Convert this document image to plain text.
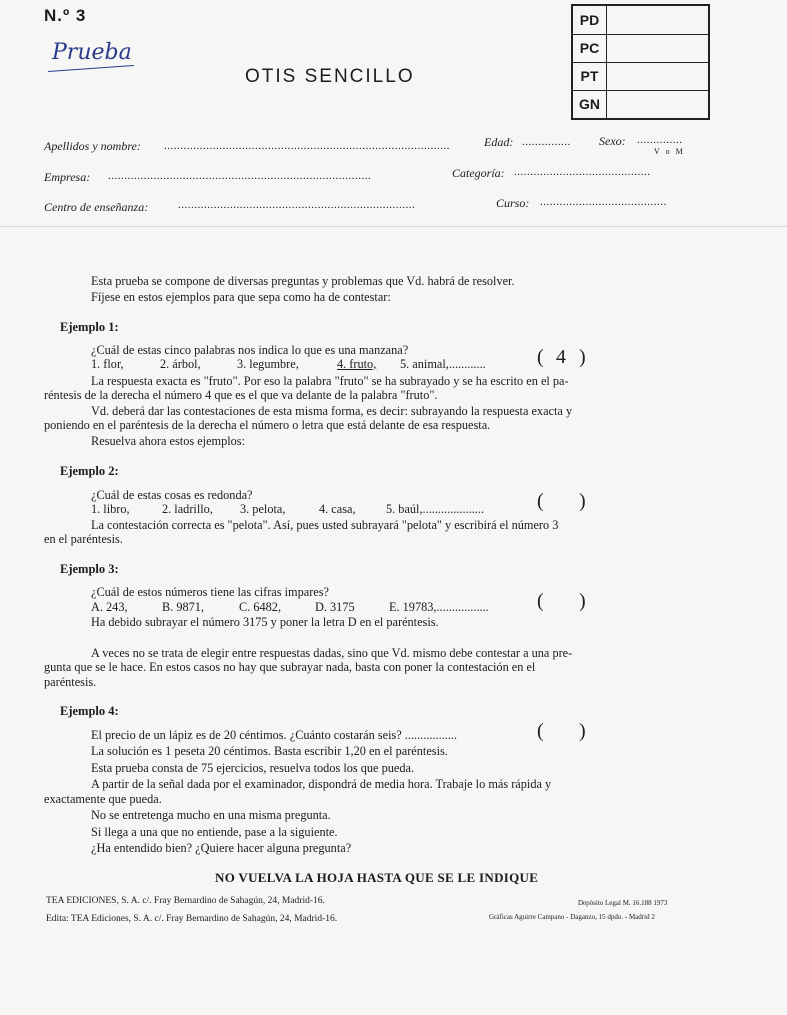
N.º 3
Prueba
OTIS SENCILLO
PD
PC
PT
GN
Apellidos y nombre: ........................................................................................	Edad: ............... Sexo: ..............
V o M
Empresa: .................................................................................	Categoría: ..........................................
Centro de enseñanza:	.........................................................................	Curso: .......................................
Esta prueba se compone de diversas preguntas y problemas que Vd. habrá de resolver.
Fíjese en estos ejemplos para que sepa como ha de contestar:
Ejemplo 1:
¿Cuál de estas cinco palabras nos indica lo que es una manzana?
1. flor,	2. árbol,	3. legumbre,	4. fruto, 5. animal,............	( 4 )
La respuesta exacta es "fruto". Por eso la palabra "fruto" se ha subrayado y se ha escrito en el pa-
réntesis de la derecha el número 4 que es el que va delante de la palabra "fruto".
Vd. deberá dar las contestaciones de esta misma forma, es decir: subrayando la respuesta exacta y
poniendo en el paréntesis de la derecha el número o letra que está delante de esa respuesta.
Resuelva ahora estos ejemplos:
Ejemplo 2:
¿Cuál de estas cosas es redonda?
1. libro,	2. ladrillo, 3. pelota,	4. casa, 5. baúl,....................	( )
La contestación correcta es "pelota". Así, pues usted subrayará "pelota" y escribirá el número 3
en el paréntesis.
Ejemplo 3:
¿Cuál de estos números tiene las cifras impares?
A. 243,	B. 9871,	C. 6482,	D. 3175	E. 19783,................. ( )
Ha debido subrayar el número 3175 y poner la letra D en el paréntesis.
A veces no se trata de elegir entre respuestas dadas, sino que Vd. mismo debe contestar a una pre-
gunta que se le hace. En estos casos no hay que subrayar nada, basta con poner la contestación en el
paréntesis.
Ejemplo 4:
El precio de un lápiz es de 20 céntimos. ¿Cuánto costarán seis? .................	( )
La solución es 1 peseta 20 céntimos. Basta escribir 1,20 en el paréntesis.
Esta prueba consta de 75 ejercicios, resuelva todos los que pueda.
A partir de la señal dada por el examinador, dispondrá de media hora. Trabaje lo más rápida y
exactamente que pueda.
No se entretenga mucho en una misma pregunta.
Si llega a una que no entiende, pase a la siguiente.
¿Ha entendido bien? ¿Quiere hacer alguna pregunta?
NO VUELVA LA HOJA HASTA QUE SE LE INDIQUE
TEA EDICIONES, S. A. c/. Fray Bernardino de Sahagún, 24, Madrid-16.
Edita: TEA Ediciones, S. A. c/. Fray Bernardino de Sahagún, 24, Madrid-16.
Depósito Legal M. 16.188 1973
Gráficas Aguirre Campano - Daganzo, 15 dpdo. - Madrid 2
